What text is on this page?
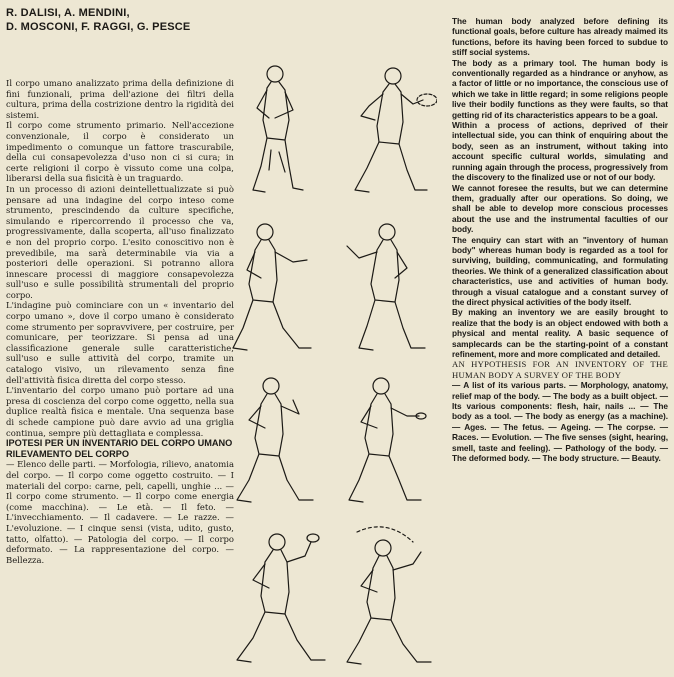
R. DALISI, A. MENDINI,
D. MOSCONI, F. RAGGI, G. PESCE

Il corpo umano analizzato prima della definizione di fini funzionali, prima dell'azione dei filtri della cultura, prima della costrizione dentro la rigidità dei sistemi.

Il corpo come strumento primario. Nell'accezione convenzionale, il corpo è considerato un impedimento o comunque un fattore trascurabile, della cui consapevolezza d'uso non ci si cura; in certe religioni il corpo è vissuto come una colpa, liberarsi della sua fisicità è un traguardo.

In un processo di azioni deintellettualizzate si può pensare ad una indagine del corpo inteso come strumento, prescindendo da culture specifiche, simulando e ripercorrendo il processo che va, progressivamente, dalla scoperta, all'uso finalizzato e non del proprio corpo. L'esito conoscitivo non è prevedibile, ma sarà determinabile via via a posteriori delle operazioni. Si potranno allora innescare processi di maggiore consapevolezza sull'uso e sulle possibilità strumentali del proprio corpo.

L'indagine può cominciare con un « inventario del corpo umano », dove il corpo umano è considerato come strumento per sopravvivere, per costruire, per comunicare, per teorizzare. Si pensa ad una classificazione generale sulle caratteristiche, sull'uso e sulle attività del corpo, tramite un catalogo visivo, un rilevamento senza fine dell'attività fisica diretta del corpo stesso.

L'inventario del corpo umano può portare ad una presa di coscienza del corpo come oggetto, nella sua duplice realtà fisica e mentale. Una sequenza base di schede campione può dare avvio ad una griglia continua, sempre più dettagliata e complessa.

IPOTESI PER UN INVENTARIO DEL CORPO UMANO
RILEVAMENTO DEL CORPO

— Elenco delle parti. — Morfologia, rilievo, anatomia del corpo. — Il corpo come oggetto costruito. — I materiali del corpo: carne, peli, capelli, unghie ... — Il corpo come strumento. — Il corpo come energia (come macchina). — Le età. — Il feto. — L'invecchiamento. — Il cadavere. — Le razze. — L'evoluzione. — I cinque sensi (vista, udito, gusto, tatto, olfatto). — Patologia del corpo. — Il corpo deformato. — La rappresentazione del corpo. — Bellezza.

The human body analyzed before defining its functional goals, before culture has already maimed its functions, before its having been forced to subdue to stiff social systems.

The body as a primary tool. The human body is conventionally regarded as a hindrance or anyhow, as a factor of little or no importance, the conscious use of which we take in little regard; in some religions people live their bodily functions as they were faults, so that getting rid of its characteristics appears to be a goal.

Within a process of actions, deprived of their intellectual side, you can think of enquiring about the body, seen as an instrument, without taking into account specific cultural worlds, simulating and running again through the process, progressively from the discovery to the finalized use or not of our body.

We cannot foresee the results, but we can determine them, gradually after our operations. So doing, we shall be able to develop more conscious processes about the use and the instrumental faculties of our body.

The enquiry can start with an "inventory of human body" whereas human body is regarded as a tool for surviving, building, communicating, and formulating theories. We think of a generalized classification about characteristics, use and activities of human body. through a visual catalogue and a constant survey of the direct physical activities of the body itself.

By making an inventory we are easily brought to realize that the body is an object endowed with both a physical and mental reality. A basic sequence of samplecards can be the starting-point of a constant refinement, more and more complicated and detailed.

AN HYPOTHESIS FOR AN INVENTORY OF THE HUMAN BODY A SURVEY OF THE BODY

— A list of its various parts. — Morphology, anatomy, relief map of the body. — The body as a built object. — Its various components: flesh, hair, nails ... — The body as a tool. — The body as energy (as a machine). — Ages. — The fetus. — Ageing. — The corpse. — Races. — Evolution. — The five senses (sight, hearing, smell, taste and feeling). — Pathology of the body. — The deformed body. — The body structure. — Beauty.
